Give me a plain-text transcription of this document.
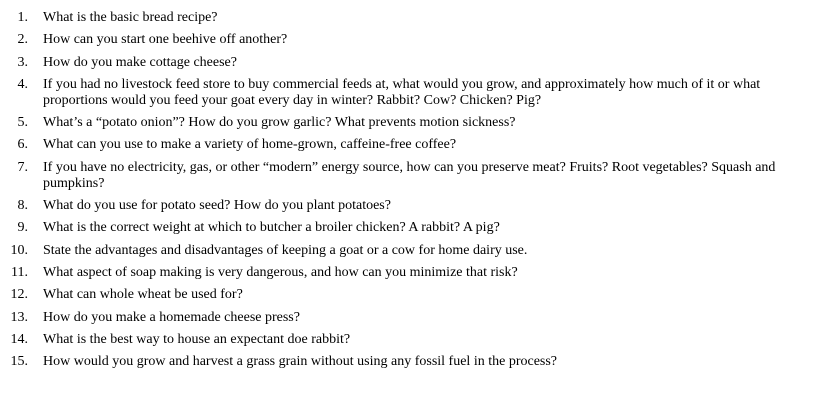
1. What is the basic bread recipe?
2. How can you start one beehive off another?
3. How do you make cottage cheese?
4. If you had no livestock feed store to buy commercial feeds at, what would you grow, and approximately how much of it or what proportions would you feed your goat every day in winter? Rabbit? Cow? Chicken? Pig?
5. What’s a “potato onion”? How do you grow garlic? What prevents motion sickness?
6. What can you use to make a variety of home-grown, caffeine-free coffee?
7. If you have no electricity, gas, or other “modern” energy source, how can you preserve meat? Fruits? Root vegetables? Squash and pumpkins?
8. What do you use for potato seed? How do you plant potatoes?
9. What is the correct weight at which to butcher a broiler chicken? A rabbit? A pig?
10. State the advantages and disadvantages of keeping a goat or a cow for home dairy use.
11. What aspect of soap making is very dangerous, and how can you minimize that risk?
12. What can whole wheat be used for?
13. How do you make a homemade cheese press?
14. What is the best way to house an expectant doe rabbit?
15. How would you grow and harvest a grass grain without using any fossil fuel in the process?
